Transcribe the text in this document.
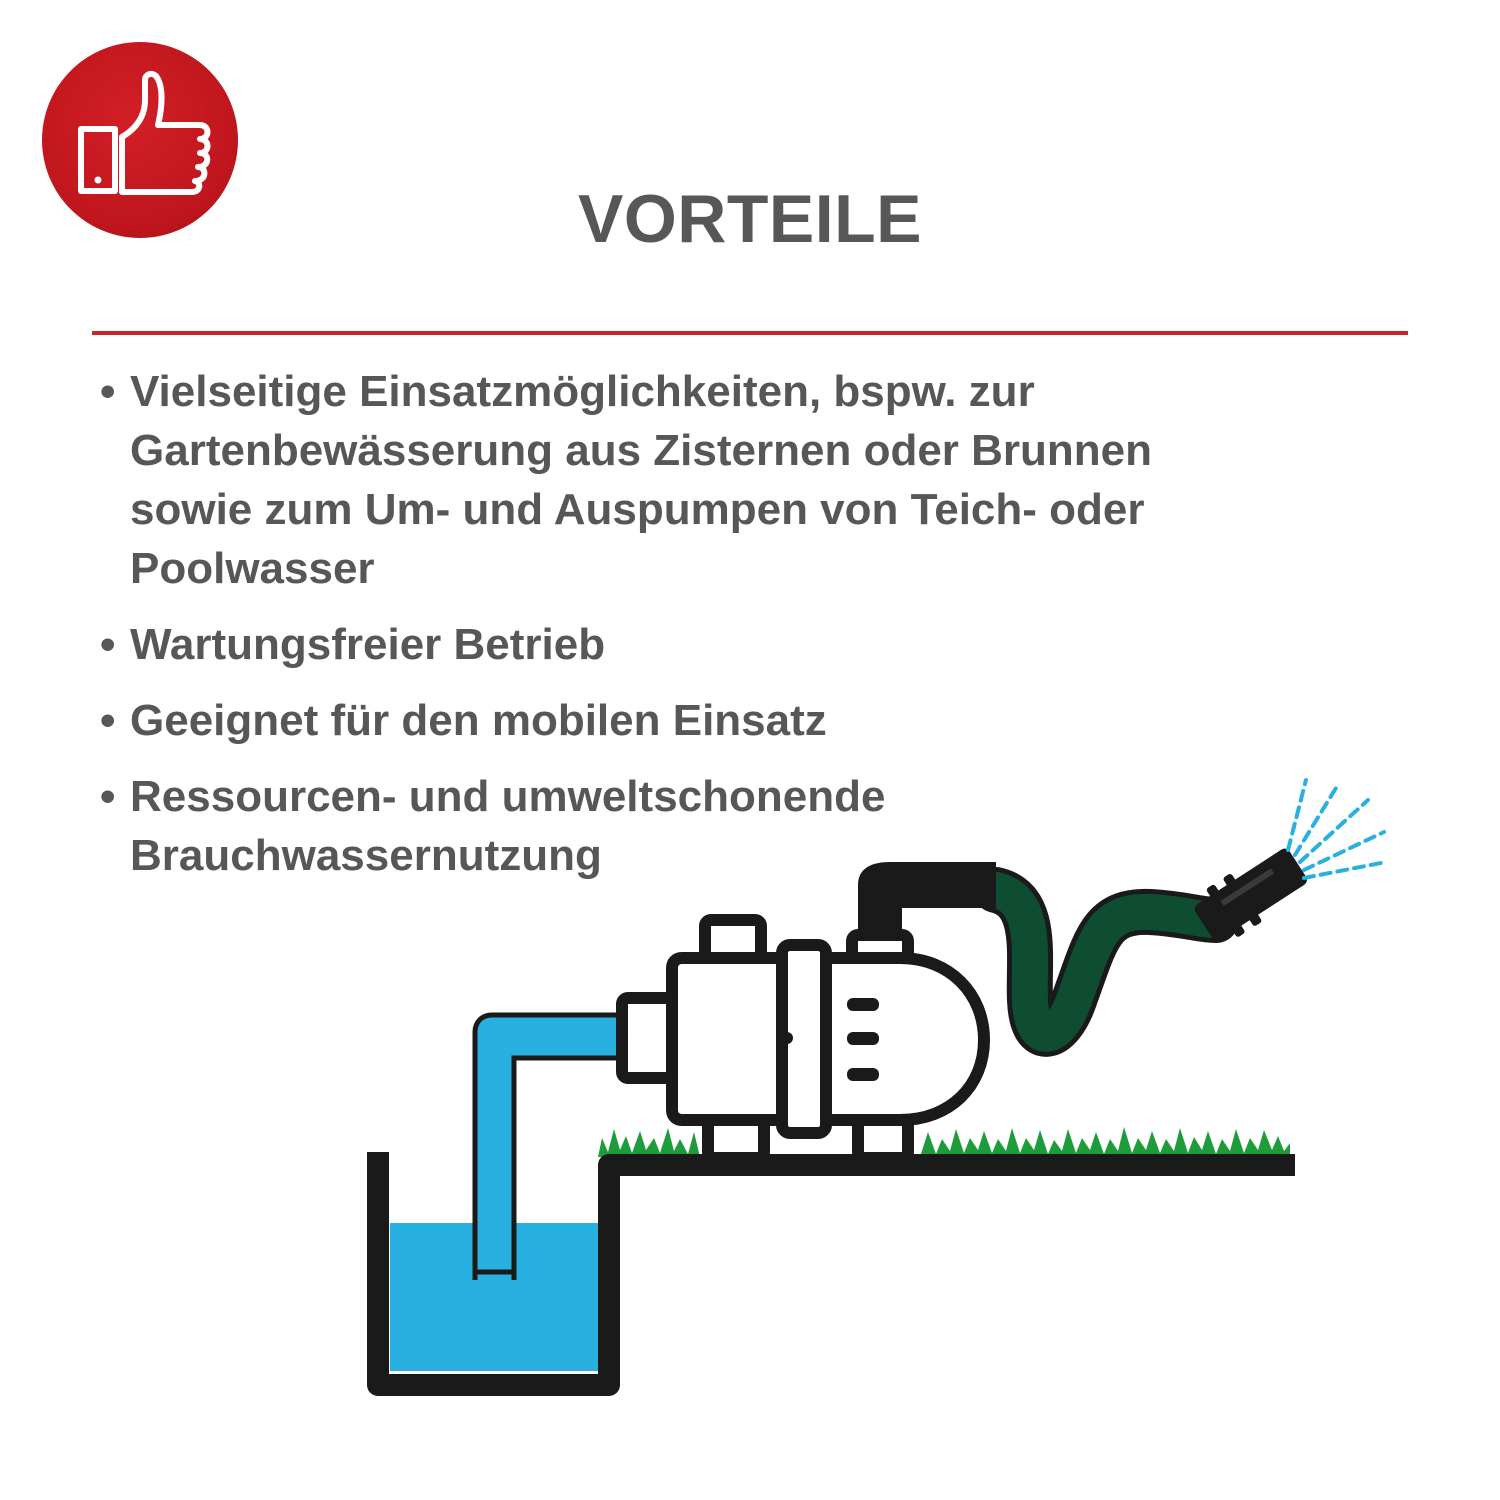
VORTEILE
• Vielseitige Einsatzmöglichkeiten, bspw. zur
Gartenbewässerung aus Zisternen oder Brunnen
sowie zum Um- und Auspumpen von Teich- oder
Poolwasser
• Wartungsfreier Betrieb
• Geeignet für den mobilen Einsatz
• Ressourcen- und umweltschonende
Brauchwassernutzung
